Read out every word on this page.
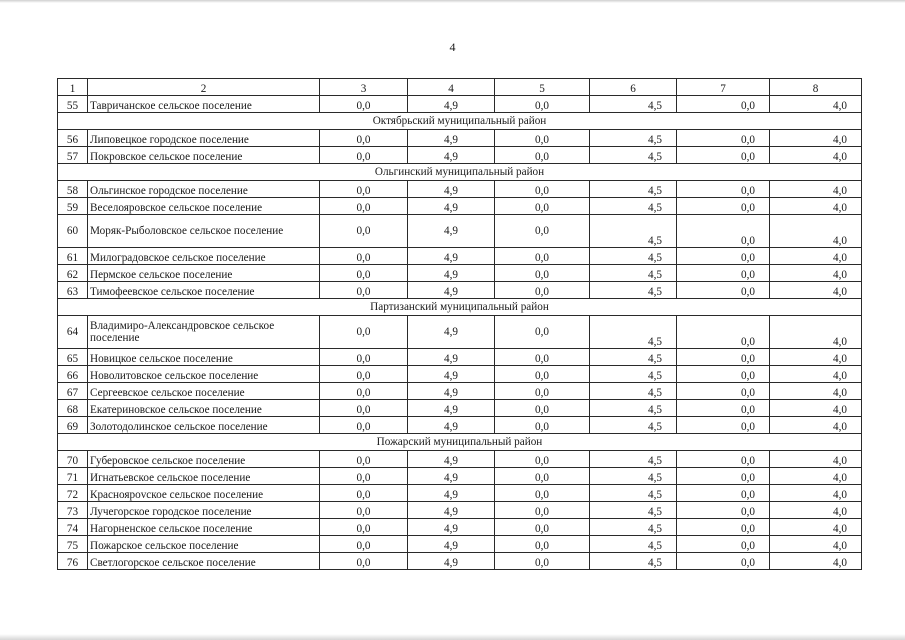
4
1	2	3	4	5	6	7	8
55	Тавричанское сельское поселение	0,0	4,9	0,0	4,5	0,0	4,0
Октябрьский муниципальный район							
56	Липовецкое городское поселение	0,0	4,9	0,0	4,5	0,0	4,0
57	Покровское сельское поселение	0,0	4,9	0,0	4,5	0,0	4,0
Ольгинский муниципальный район							
58	Ольгинское городское поселение	0,0	4,9	0,0	4,5	0,0	4,0
59	Веселояровское сельское поселение	0,0	4,9	0,0	4,5	0,0	4,0
60	Моряк-Рыболовское сельское поселение	0,0	4,9	0,0	4,5	0,0	4,0
61	Милоградовское сельское поселение	0,0	4,9	0,0	4,5	0,0	4,0
62	Пермское сельское поселение	0,0	4,9	0,0	4,5	0,0	4,0
63	Тимофеевское сельское поселение	0,0	4,9	0,0	4,5	0,0	4,0
Партизанский муниципальный район							
64	Владимиро-Александровское сельское поселение	0,0	4,9	0,0	4,5	0,0	4,0
65	Новицкое сельское поселение	0,0	4,9	0,0	4,5	0,0	4,0
66	Новолитовское сельское поселение	0,0	4,9	0,0	4,5	0,0	4,0
67	Сергеевское сельское поселение	0,0	4,9	0,0	4,5	0,0	4,0
68	Екатериновское сельское поселение	0,0	4,9	0,0	4,5	0,0	4,0
69	Золотодолинское сельское поселение	0,0	4,9	0,0	4,5	0,0	4,0
Пожарский муниципальный район							
70	Губеровское сельское поселение	0,0	4,9	0,0	4,5	0,0	4,0
71	Игнатьевское сельское поселение	0,0	4,9	0,0	4,5	0,0	4,0
72	Красноярovское сельское поселение	0,0	4,9	0,0	4,5	0,0	4,0
73	Лучегорское городское поселение	0,0	4,9	0,0	4,5	0,0	4,0
74	Нагорненское сельское поселение	0,0	4,9	0,0	4,5	0,0	4,0
75	Пожарское сельское поселение	0,0	4,9	0,0	4,5	0,0	4,0
76	Светлогорское сельское поселение	0,0	4,9	0,0	4,5	0,0	4,0
